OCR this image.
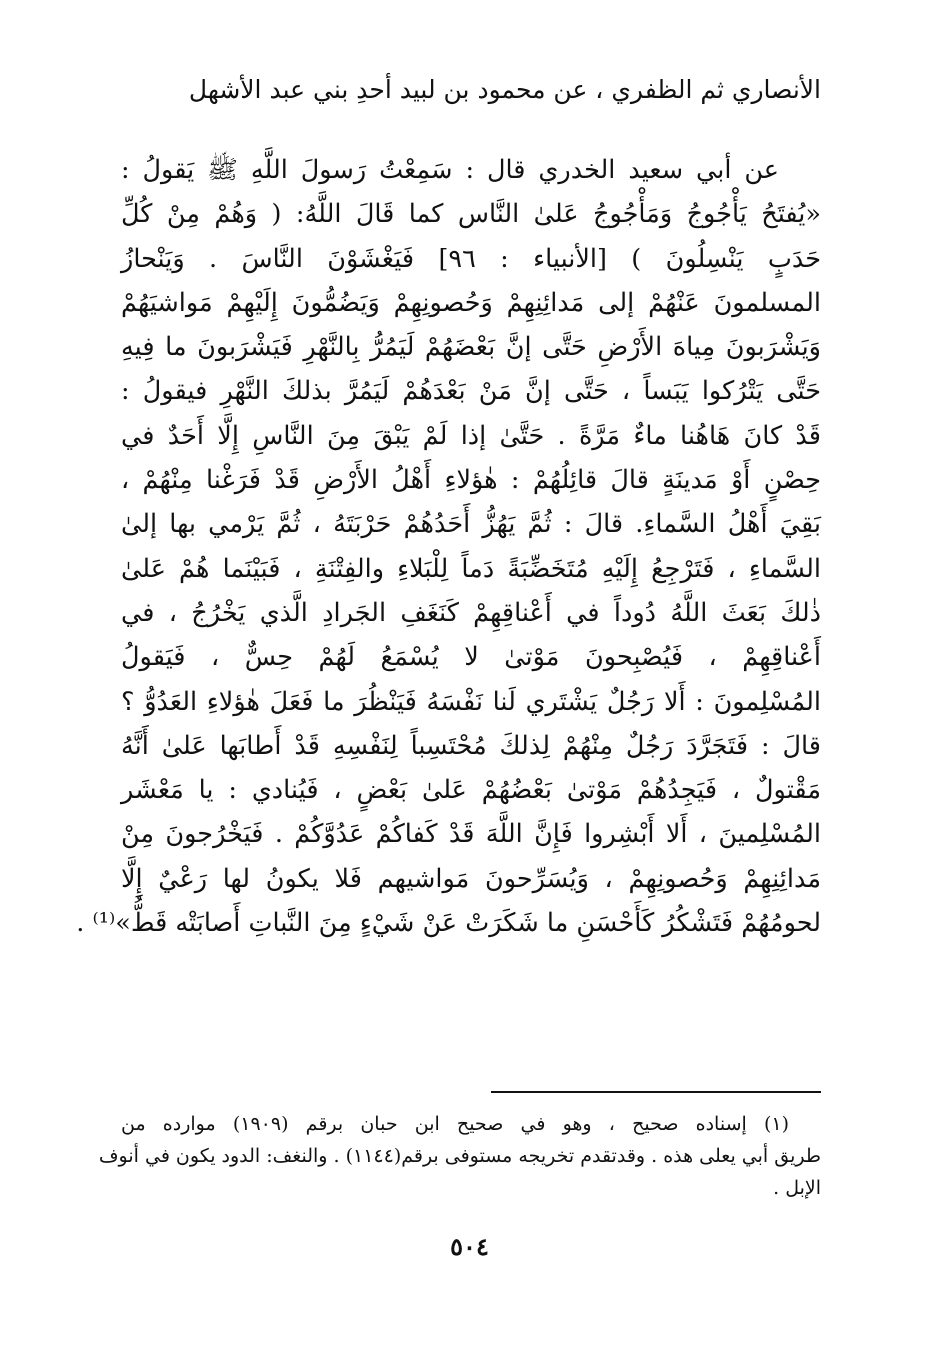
الأنصاري ثم الظفري ، عن محمود بن لبيد أحدِ بني عبد الأشهل
عن أبي سعيد الخدري قال : سَمِعْتُ رَسولَ اللَّهِ ﷺ يَقولُ :
«يُفتَحُ يَأْجُوجُ وَمَأْجُوجُ عَلىٰ النَّاس كما قَالَ اللَّهُ: ( وَهُمْ مِنْ كُلِّ
حَدَبٍ يَنْسِلُونَ ) [الأنبياء : ٩٦] فَيَغْشَوْنَ النَّاسَ . وَيَنْحازُ
المسلمونَ عَنْهُمْ إلى مَدائِنِهِمْ وَحُصونِهِمْ وَيَضُمُّونَ إِلَيْهِمْ مَواشيَهُمْ
وَيَشْرَبونَ مِياهَ الأَرْضِ حَتَّى إنَّ بَعْضَهُمْ لَيَمُرُّ بِالنَّهْرِ فَيَشْرَبونَ ما فِيهِ
حَتَّى يَتْرُكوا يَبَساً ، حَتَّى إنَّ مَنْ بَعْدَهُمْ لَيَمُرَّ بذلكَ النَّهْرِ فيقولُ :
قَدْ كانَ هَاهُنا ماءٌ مَرَّةً . حَتَّىٰ إذا لَمْ يَبْقَ مِنَ النَّاسِ إِلَّا أَحَدٌ في
حِصْنٍ أَوْ مَدينَةٍ قالَ قائِلُهُمْ : هٰؤلاءِ أَهْلُ الأَرْضِ قَدْ فَرَغْنا مِنْهُمْ ،
بَقِيَ أَهْلُ السَّماءِ. قالَ : ثُمَّ يَهُزُّ أَحَدُهُمْ حَرْبَتَهُ ، ثُمَّ يَرْمي بها إلىٰ
السَّماءِ ، فَتَرْجِعُ إِلَيْهِ مُتَخَضِّبَةً دَماً لِلْبَلاءِ والفِتْنَةِ ، فَبَيْنَما هُمْ عَلىٰ
ذٰلكَ بَعَثَ اللَّهُ دُوداً في أَعْناقِهِمْ كَنَغَفِ الجَرادِ الَّذي يَخْرُجُ ، في
أَعْناقِهِمْ ، فَيُصْبِحونَ مَوْتىٰ لا يُسْمَعُ لَهُمْ حِسٌّ ، فَيَقولُ
المُسْلِمونَ : أَلا رَجُلٌ يَشْتَري لَنا نَفْسَهُ فَيَنْظُرَ ما فَعَلَ هٰؤلاءِ العَدُوُّ ؟
قالَ : فَتَجَرَّدَ رَجُلٌ مِنْهُمْ لِذلكَ مُحْتَسِباً لِنَفْسِهِ قَدْ أَطابَها عَلىٰ أَنَّهُ
مَقْتولٌ ، فَيَجِدُهُمْ مَوْتىٰ بَعْضُهُمْ عَلىٰ بَعْضٍ ، فَيُنادي : يا مَعْشَر
المُسْلِمينَ ، أَلا أَبْشِروا فَإِنَّ اللَّهَ قَدْ كَفاكُمْ عَدُوَّكُمْ . فَيَخْرُجونَ مِنْ
مَدائِنِهِمْ وَحُصونِهِمْ ، وَيُسَرِّحونَ مَواشيهم فَلا يكونُ لها رَعْيٌ إِلَّا
لحومُهُمْ فَتَشْكُرُ كَأَحْسَنِ ما شَكَرَتْ عَنْ شَيْءٍ مِنَ النَّباتِ أَصابَتْه قَطُّ»⁽¹⁾ .
(١) إسناده صحيح ، وهو في صحيح ابن حبان برقم (١٩٠٩) موارده من
طريق أبي يعلى هذه . وقدتقدم تخريجه مستوفى برقم(١١٤٤) . والنغف: الدود يكون في أنوف
الإبل .
٥٠٤
